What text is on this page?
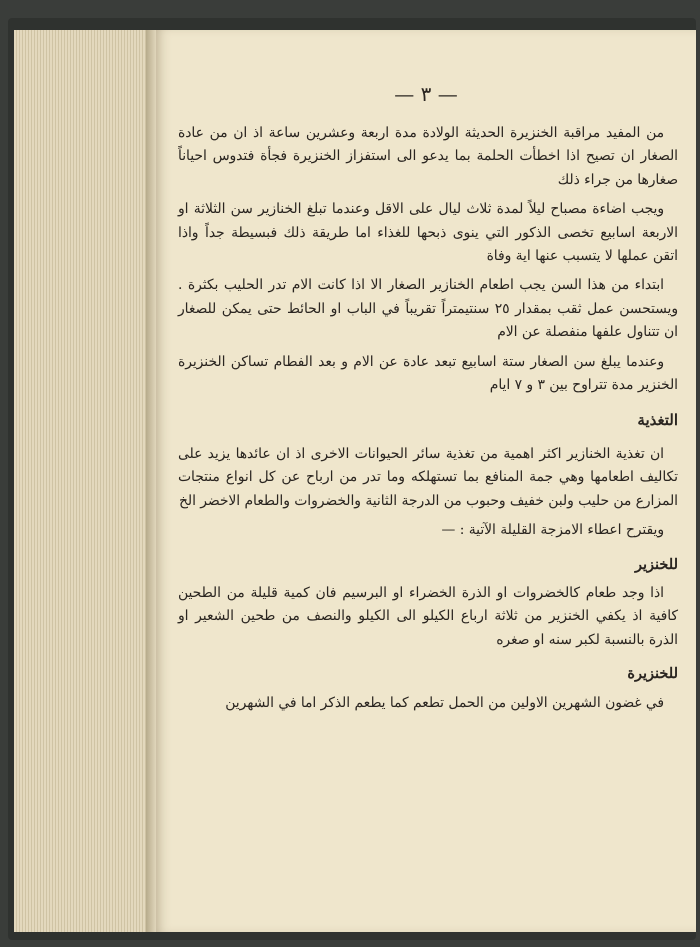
— ٣ —

من المفيد مراقبة الخنزيرة الحديثة الولادة مدة اربعة وعشرين ساعة اذ ان من عادة الصغار ان تصيح اذا اخطأت الحلمة بما يدعو الى استفزاز الخنزيرة فجأة فتدوس احياناً صغارها من جراء ذلك

ويجب اضاءة مصباح ليلاً لمدة ثلاث ليال على الاقل وعندما تبلغ الخنازير سن الثلاثة او الاربعة اسابيع تخصى الذكور التي ينوى ذبحها للغذاء اما طريقة ذلك فبسيطة جداً واذا اتقن عملها لا يتسبب عنها اية وفاة

ابتداء من هذا السن يجب اطعام الخنازير الصغار الا اذا كانت الام تدر الحليب بكثرة . ويستحسن عمل ثقب بمقدار ٢٥ سنتيمتراً تقريباً في الباب او الحائط حتى يمكن للصغار ان تتناول علفها منفصلة عن الام

وعندما يبلغ سن الصغار ستة اسابيع تبعد عادة عن الام و بعد الفطام تساكن الخنزيرة الخنزير مدة تتراوح بين ٣ و ٧ ايام

التغذية

ان تغذية الخنازير اكثر اهمية من تغذية سائر الحيوانات الاخرى اذ ان عائدها يزيد على تكاليف اطعامها وهي جمة المنافع بما تستهلكه وما تدر من ارباح عن كل انواع منتجات المزارع من حليب ولبن خفيف وحبوب من الدرجة الثانية والخضروات والطعام الاخضر الخ

ويقترح اعطاء الامزجة القليلة الآتية : —

للخنزير

اذا وجد طعام كالخضروات او الذرة الخضراء او البرسيم فان كمية قليلة من الطحين كافية اذ يكفي الخنزير من ثلاثة ارباع الكيلو الى الكيلو والنصف من طحين الشعير او الذرة بالنسبة لكبر سنه او صغره

للخنزيرة

في غضون الشهرين الاولين من الحمل تطعم كما يطعم الذكر اما في الشهرين
